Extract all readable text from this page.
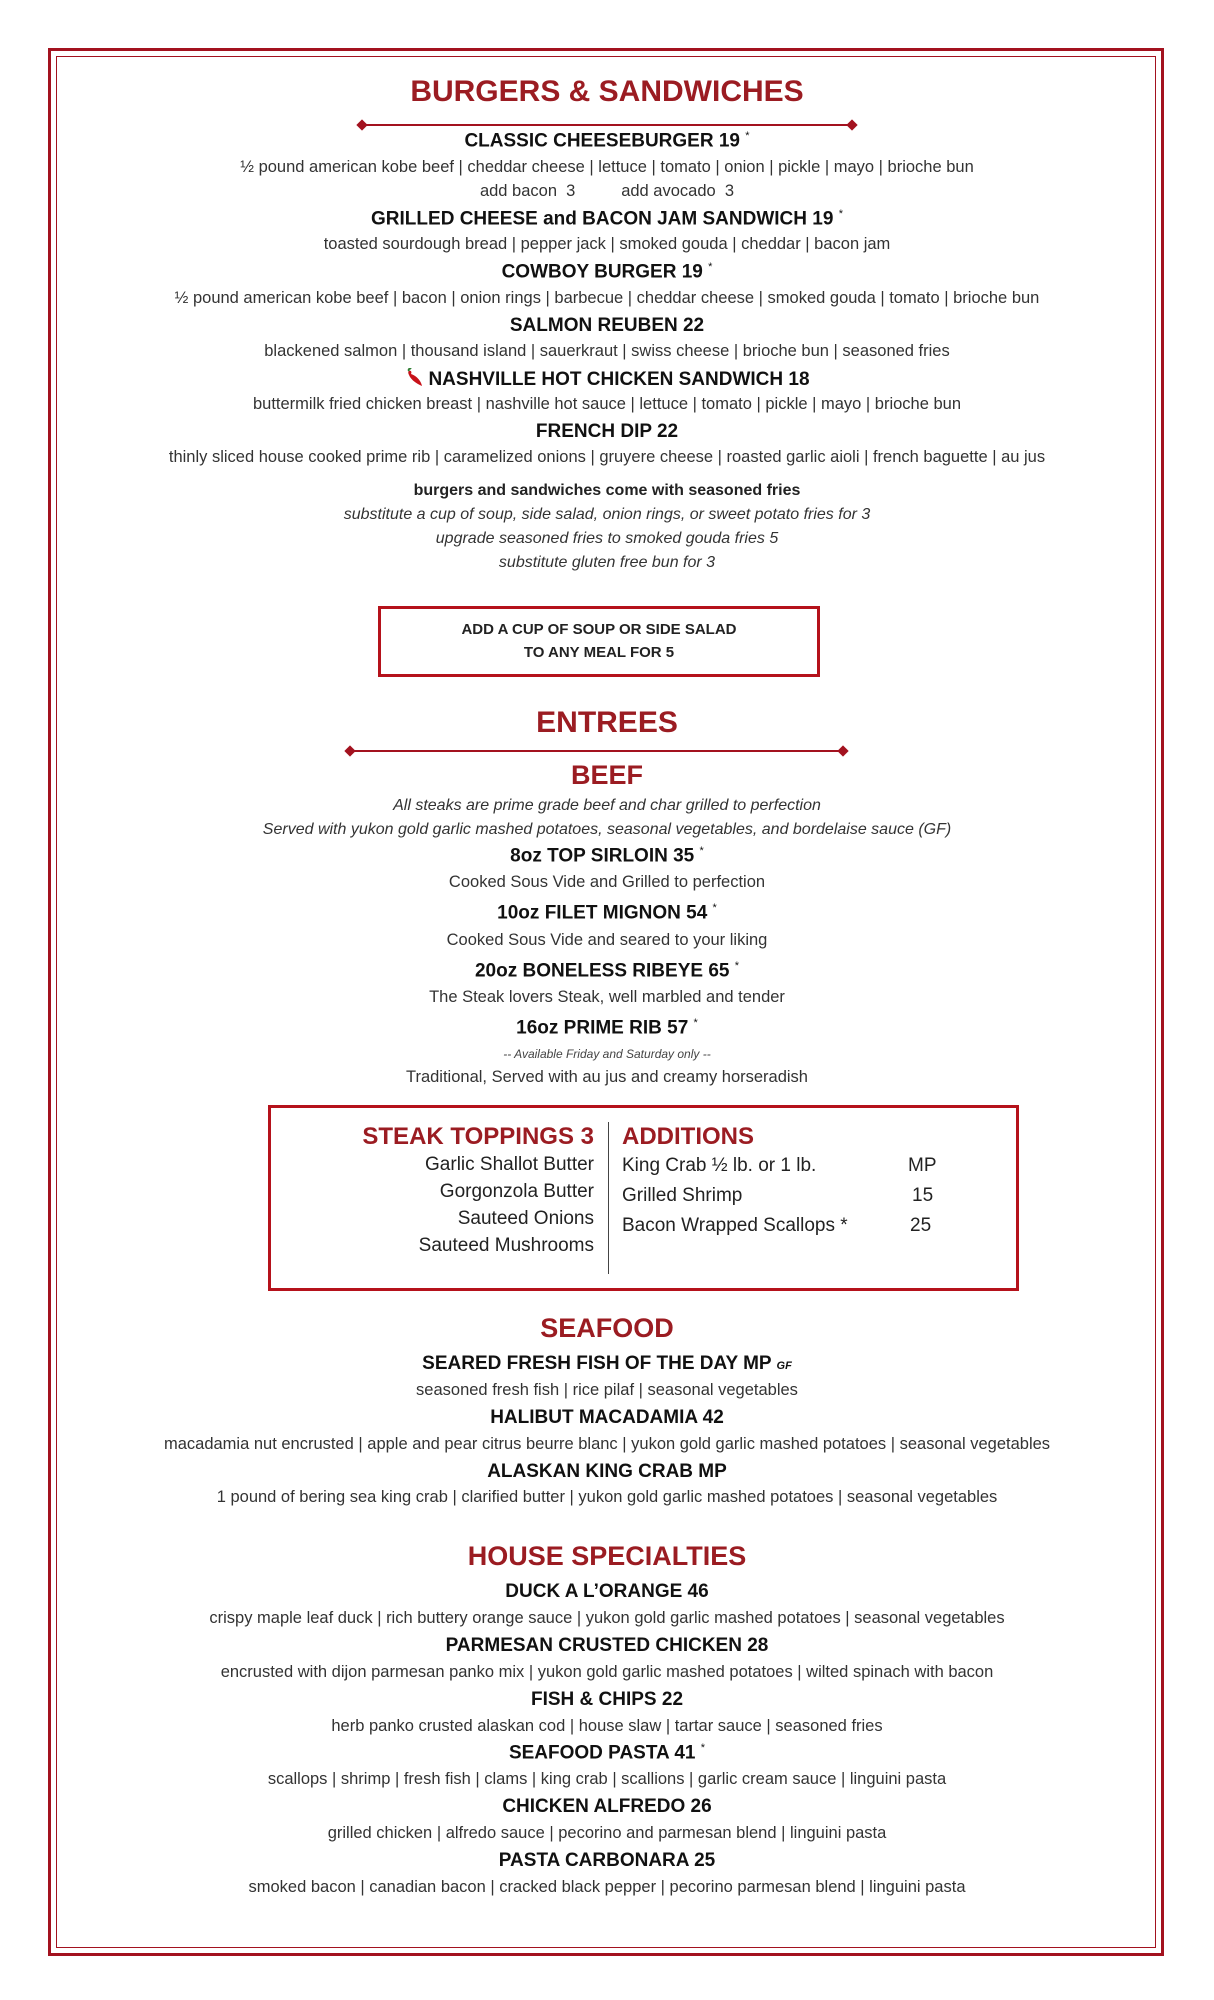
BURGERS & SANDWICHES
CLASSIC CHEESEBURGER 19 *
½ pound american kobe beef | cheddar cheese | lettuce | tomato | onion | pickle | mayo | brioche bun
add bacon  3          add avocado  3
GRILLED CHEESE and BACON JAM SANDWICH 19 *
toasted sourdough bread | pepper jack | smoked gouda | cheddar | bacon jam
COWBOY BURGER 19 *
½ pound american kobe beef | bacon | onion rings | barbecue | cheddar cheese | smoked gouda | tomato | brioche bun
SALMON REUBEN 22
blackened salmon | thousand island | sauerkraut | swiss cheese | brioche bun | seasoned fries
NASHVILLE HOT CHICKEN SANDWICH 18
buttermilk fried chicken breast | nashville hot sauce | lettuce | tomato | pickle | mayo | brioche bun
FRENCH DIP 22
thinly sliced house cooked prime rib | caramelized onions | gruyere cheese | roasted garlic aioli | french baguette | au jus
burgers and sandwiches come with seasoned fries
substitute a cup of soup, side salad, onion rings, or sweet potato fries for 3
upgrade seasoned fries to smoked gouda fries 5
substitute gluten free bun for 3
ADD A CUP OF SOUP OR SIDE SALAD
TO ANY MEAL FOR 5
ENTREES
BEEF
All steaks are prime grade beef and char grilled to perfection
Served with yukon gold garlic mashed potatoes, seasonal vegetables, and bordelaise sauce (GF)
8oz TOP SIRLOIN 35 *
Cooked Sous Vide and Grilled to perfection
10oz FILET MIGNON 54 *
Cooked Sous Vide and seared to your liking
20oz BONELESS RIBEYE 65 *
The Steak lovers Steak, well marbled and tender
16oz PRIME RIB 57 *
-- Available Friday and Saturday only --
Traditional, Served with au jus and creamy horseradish
STEAK TOPPINGS 3
Garlic Shallot Butter
Gorgonzola Butter
Sauteed Onions
Sauteed Mushrooms
ADDITIONS
King Crab ½ lb. or 1 lb.	MP
Grilled Shrimp	15
Bacon Wrapped Scallops *	25
SEAFOOD
SEARED FRESH FISH OF THE DAY MP GF
seasoned fresh fish | rice pilaf | seasonal vegetables
HALIBUT MACADAMIA 42
macadamia nut encrusted | apple and pear citrus beurre blanc | yukon gold garlic mashed potatoes | seasonal vegetables
ALASKAN KING CRAB MP
1 pound of bering sea king crab | clarified butter | yukon gold garlic mashed potatoes | seasonal vegetables
HOUSE SPECIALTIES
DUCK A L’ORANGE 46
crispy maple leaf duck | rich buttery orange sauce | yukon gold garlic mashed potatoes | seasonal vegetables
PARMESAN CRUSTED CHICKEN 28
encrusted with dijon parmesan panko mix | yukon gold garlic mashed potatoes | wilted spinach with bacon
FISH & CHIPS 22
herb panko crusted alaskan cod | house slaw | tartar sauce | seasoned fries
SEAFOOD PASTA 41 *
scallops | shrimp | fresh fish | clams | king crab | scallions | garlic cream sauce | linguini pasta
CHICKEN ALFREDO 26
grilled chicken | alfredo sauce | pecorino and parmesan blend | linguini pasta
PASTA CARBONARA 25
smoked bacon | canadian bacon | cracked black pepper | pecorino parmesan blend | linguini pasta
